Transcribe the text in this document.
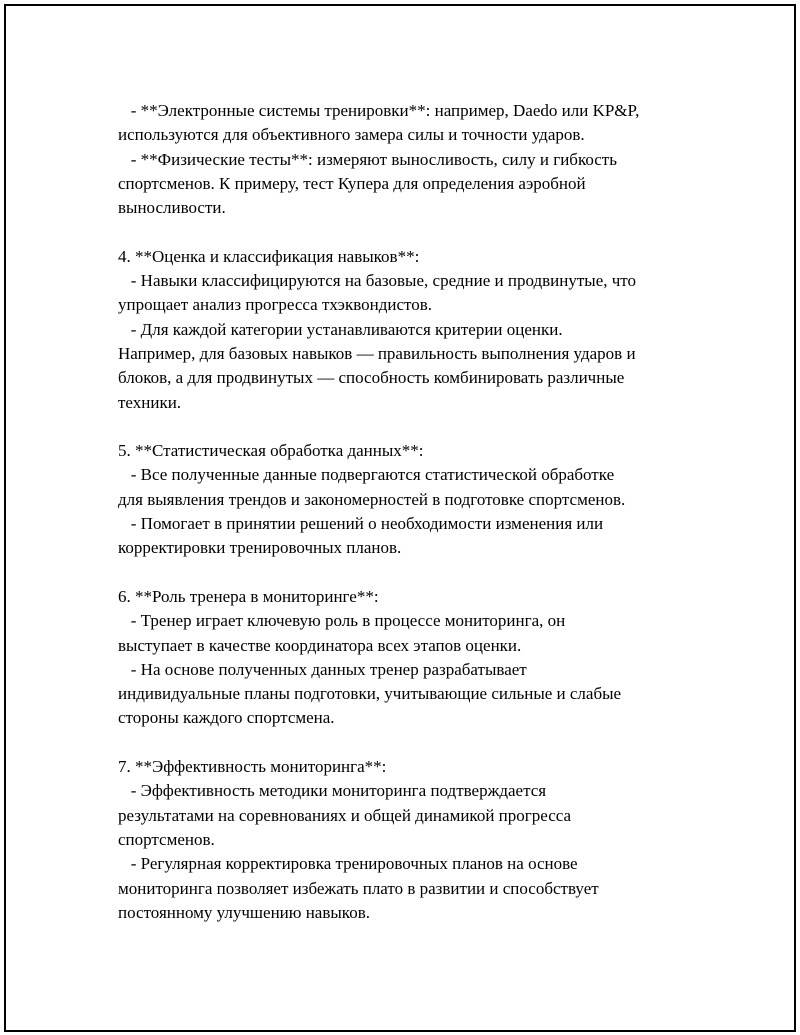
- **Электронные системы тренировки**: например, Daedo или KP&P,
используются для объективного замера силы и точности ударов.
- **Физические тесты**: измеряют выносливость, силу и гибкость
спортсменов. К примеру, тест Купера для определения аэробной
выносливости.
4. **Оценка и классификация навыков**:
- Навыки классифицируются на базовые, средние и продвинутые, что
упрощает анализ прогресса тхэквондистов.
- Для каждой категории устанавливаются критерии оценки.
Например, для базовых навыков — правильность выполнения ударов и
блоков, а для продвинутых — способность комбинировать различные
техники.
5. **Статистическая обработка данных**:
- Все полученные данные подвергаются статистической обработке
для выявления трендов и закономерностей в подготовке спортсменов.
- Помогает в принятии решений о необходимости изменения или
корректировки тренировочных планов.
6. **Роль тренера в мониторинге**:
- Тренер играет ключевую роль в процессе мониторинга, он
выступает в качестве координатора всех этапов оценки.
- На основе полученных данных тренер разрабатывает
индивидуальные планы подготовки, учитывающие сильные и слабые
стороны каждого спортсмена.
7. **Эффективность мониторинга**:
- Эффективность методики мониторинга подтверждается
результатами на соревнованиях и общей динамикой прогресса
спортсменов.
- Регулярная корректировка тренировочных планов на основе
мониторинга позволяет избежать плато в развитии и способствует
постоянному улучшению навыков.
